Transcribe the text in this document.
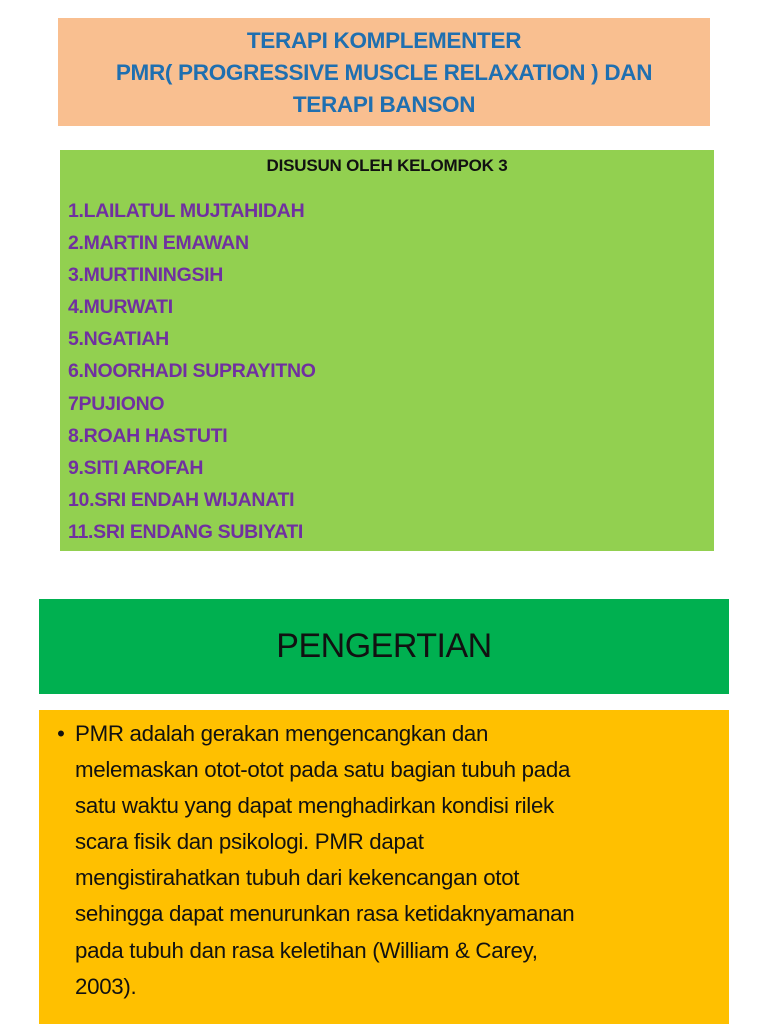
TERAPI KOMPLEMENTER
PMR( PROGRESSIVE MUSCLE RELAXATION ) DAN
TERAPI BANSON
DISUSUN OLEH KELOMPOK 3
1.LAILATUL MUJTAHIDAH
2.MARTIN EMAWAN
3.MURTININGSIH
4.MURWATI
5.NGATIAH
6.NOORHADI SUPRAYITNO
7PUJIONO
8.ROAH HASTUTI
9.SITI AROFAH
10.SRI ENDAH WIJANATI
11.SRI ENDANG SUBIYATI
PENGERTIAN
• PMR adalah gerakan mengencangkan dan
melemaskan otot-otot pada satu bagian tubuh pada
satu waktu yang dapat menghadirkan kondisi rilek
scara fisik dan psikologi. PMR dapat
mengistirahatkan tubuh dari kekencangan otot
sehingga dapat menurunkan rasa ketidaknyamanan
pada tubuh dan rasa keletihan (William & Carey,
2003).
